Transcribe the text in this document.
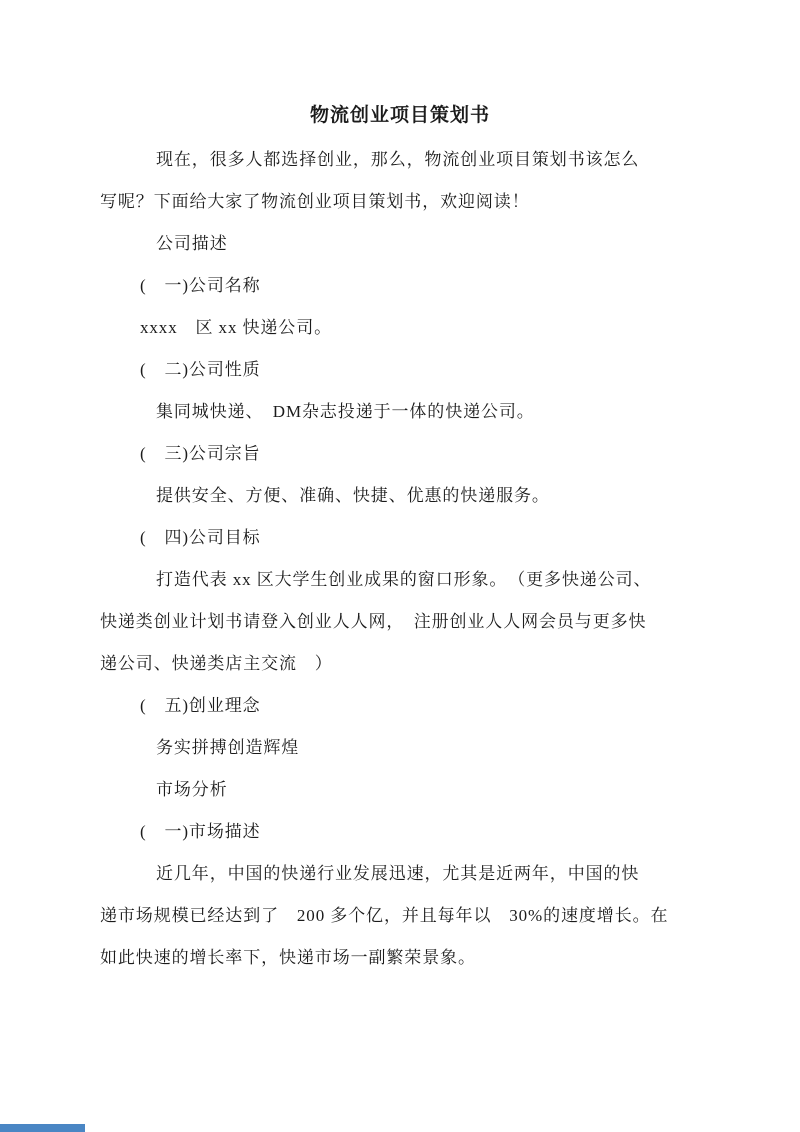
物流创业项目策划书
现在，很多人都选择创业，那么，物流创业项目策划书该怎么
写呢？下面给大家了物流创业项目策划书，欢迎阅读！
公司描述
(　一)公司名称
xxxx　区 xx 快递公司。
(　二)公司性质
集同城快递、　DM杂志投递于一体的快递公司。
(　三)公司宗旨
提供安全、方便、准确、快捷、优惠的快递服务。
(　四)公司目标
打造代表 xx 区大学生创业成果的窗口形象。　（更多快递公司、
快递类创业计划书请登入创业人人网，　注册创业人人网会员与更多快
递公司、快递类店主交流　）
(　五)创业理念
务实拼搏创造辉煌
市场分析
(　一)市场描述
近几年，中国的快递行业发展迅速，尤其是近两年，中国的快
递市场规模已经达到了　200 多个亿，并且每年以　30%的速度增长。在
如此快速的增长率下，快递市场一副繁荣景象。
